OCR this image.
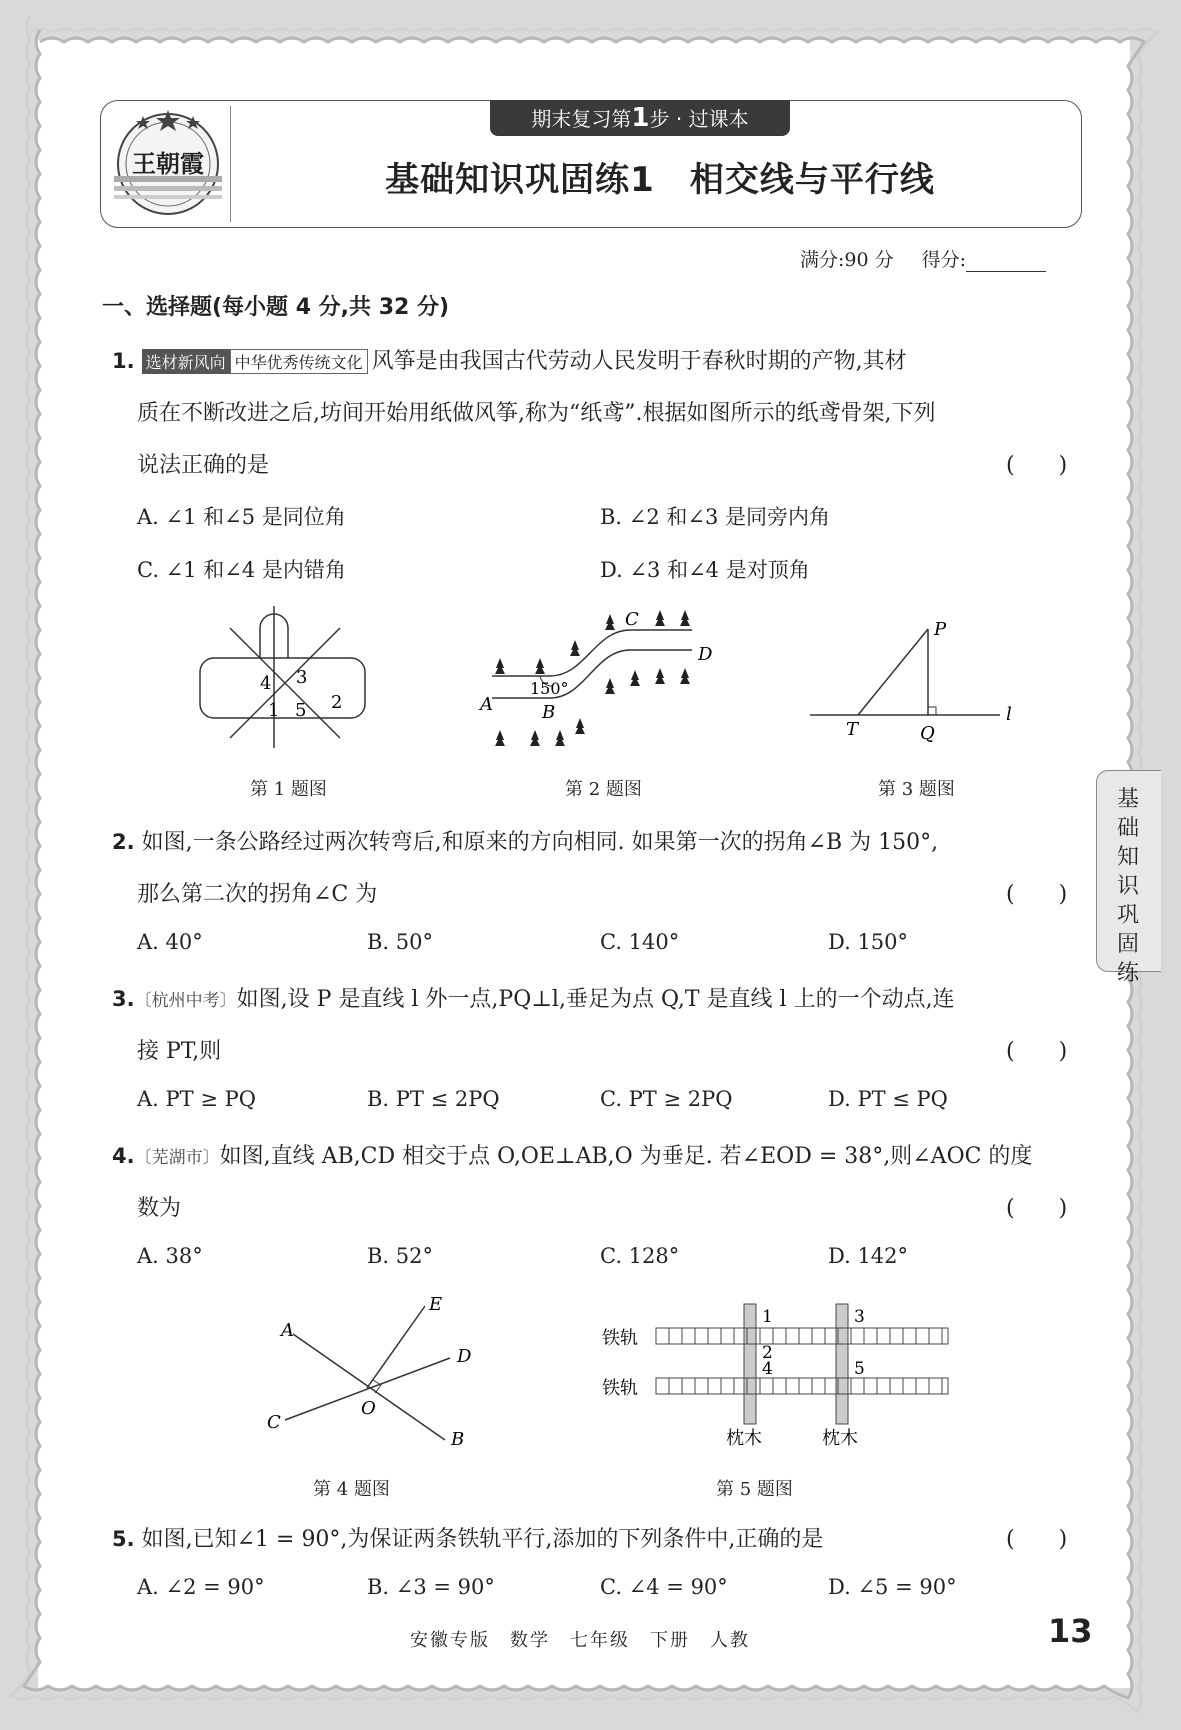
王朝霞
期末复习第1步 · 过课本
基础知识巩固练1　相交线与平行线
满分:90 分 得分:
一、选择题(每小题 4 分,共 32 分)
1. 选材新风向 中华优秀传统文化 风筝是由我国古代劳动人民发明于春秋时期的产物,其材
质在不断改进之后,坊间开始用纸做风筝,称为“纸鸢”.根据如图所示的纸鸢骨架,下列
说法正确的是	(　　)
A. ∠1 和∠5 是同位角	B. ∠2 和∠3 是同旁内角
C. ∠1 和∠4 是内错角	D. ∠3 和∠4 是对顶角
4 3
1 5 2
第 1 题图
A	B
C
D
150°
第 2 题图
P
T	Q
l
第 3 题图	基础知识巩固练
2. 如图,一条公路经过两次转弯后,和原来的方向相同. 如果第一次的拐角∠B 为 150°,
那么第二次的拐角∠C 为	(　　)
A. 40°	B. 50°	C. 140°	D. 150°
3.〔杭州中考〕如图,设 P 是直线 l 外一点,PQ⊥l,垂足为点 Q,T 是直线 l 上的一个动点,连
接 PT,则	(　　)
A. PT ≥ PQ	B. PT ≤ 2PQ	C. PT ≥ 2PQ	D. PT ≤ PQ
4.〔芜湖市〕如图,直线 AB,CD 相交于点 O,OE⊥AB,O 为垂足. 若∠EOD = 38°,则∠AOC 的度
数为	(　　)
A. 38°	B. 52°	C. 128°	D. 142°
A
B
C
D
E
O
第 4 题图
铁轨
铁轨
1
2
4
3
5
枕木	枕木
第 5 题图
5. 如图,已知∠1 = 90°,为保证两条铁轨平行,添加的下列条件中,正确的是	(　　)
A. ∠2 = 90°	B. ∠3 = 90°	C. ∠4 = 90°	D. ∠5 = 90°
安徽专版　数学　七年级　下册　人教	13
